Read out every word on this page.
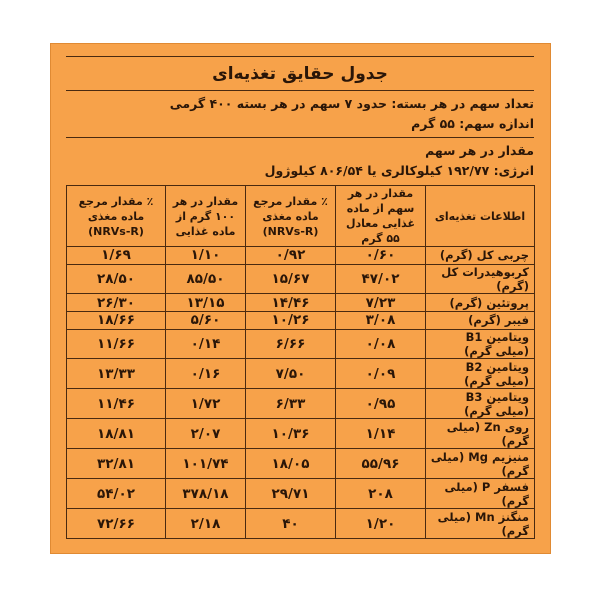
جدول حقایق تغذیه‌ای
تعداد سهم در هر بسته: حدود ۷ سهم در هر بسته ۴۰۰ گرمی
اندازه سهم: ۵۵ گرم
مقدار در هر سهم
انرژی: ۱۹۲/۷۷ کیلوکالری یا ۸۰۶/۵۴ کیلوژول
اطلاعات تغذیه‌ای	مقدار در هر سهم از ماده غذایی معادل ۵۵ گرم	٪ مقدار مرجع ماده مغذی (NRVs-R)	مقدار در هر ۱۰۰ گرم از ماده غذایی	٪ مقدار مرجع ماده مغذی (NRVs-R)
چربی کل (گرم)	۰/۶۰	۰/۹۲	۱/۱۰	۱/۶۹
کربوهیدرات کل (گرم)	۴۷/۰۲	۱۵/۶۷	۸۵/۵۰	۲۸/۵۰
پروتئین (گرم)	۷/۲۳	۱۴/۴۶	۱۳/۱۵	۲۶/۳۰
فیبر (گرم)	۳/۰۸	۱۰/۲۶	۵/۶۰	۱۸/۶۶
ویتامین B1 (میلی گرم)	۰/۰۸	۶/۶۶	۰/۱۴	۱۱/۶۶
ویتامین B2 (میلی گرم)	۰/۰۹	۷/۵۰	۰/۱۶	۱۳/۳۳
ویتامین B3 (میلی گرم)	۰/۹۵	۶/۳۳	۱/۷۲	۱۱/۴۶
روی Zn (میلی گرم)	۱/۱۴	۱۰/۳۶	۲/۰۷	۱۸/۸۱
منیزیم Mg (میلی گرم)	۵۵/۹۶	۱۸/۰۵	۱۰۱/۷۴	۳۲/۸۱
فسفر P (میلی گرم)	۲۰۸	۲۹/۷۱	۳۷۸/۱۸	۵۴/۰۲
منگنز Mn (میلی گرم)	۱/۲۰	۴۰	۲/۱۸	۷۲/۶۶
